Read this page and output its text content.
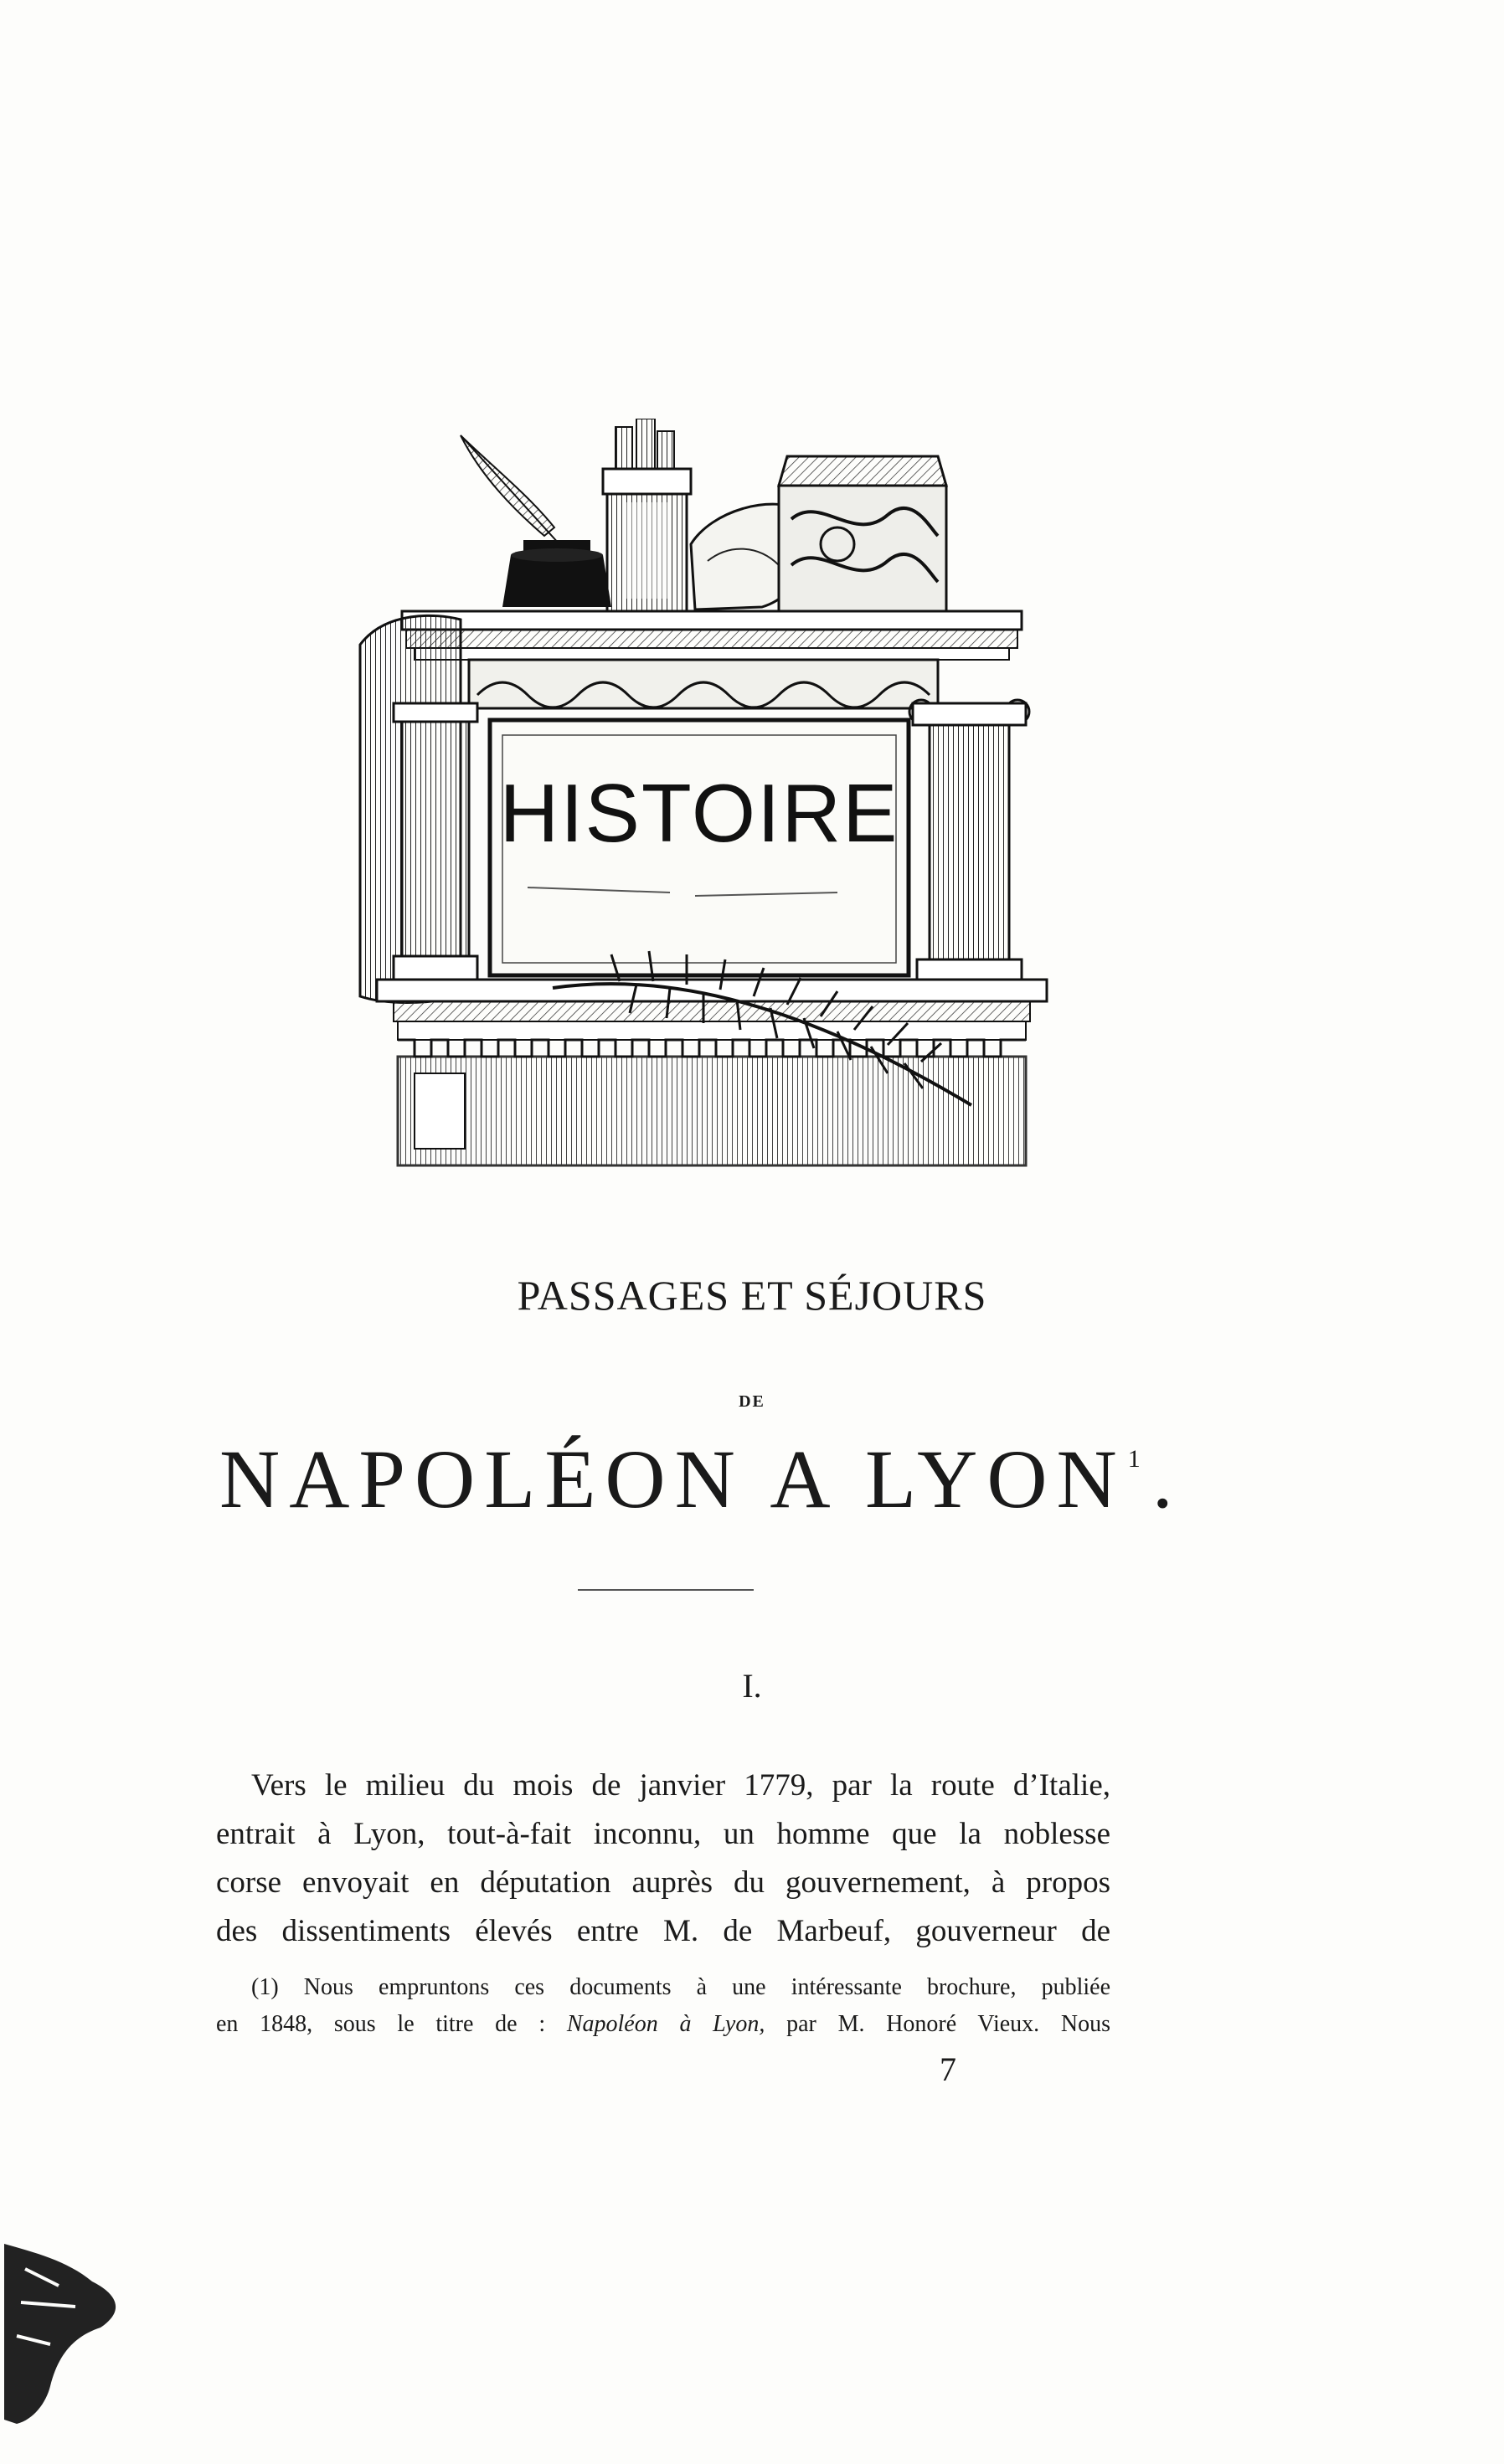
HISTOIRE
PASSAGES ET SÉJOURS
DE
NAPOLÉON A LYON$^1$ .
I.
Vers le milieu du mois de janvier 1779, par la route d’Italie,
entrait à Lyon, tout-à-fait inconnu, un homme que la noblesse
corse envoyait en députation auprès du gouvernement, à propos
des dissentiments élevés entre M. de Marbeuf, gouverneur de
(1) Nous empruntons ces documents à une intéressante brochure, publiée
en 1848, sous le titre de : Napoléon à Lyon, par M. Honoré Vieux. Nous
7
